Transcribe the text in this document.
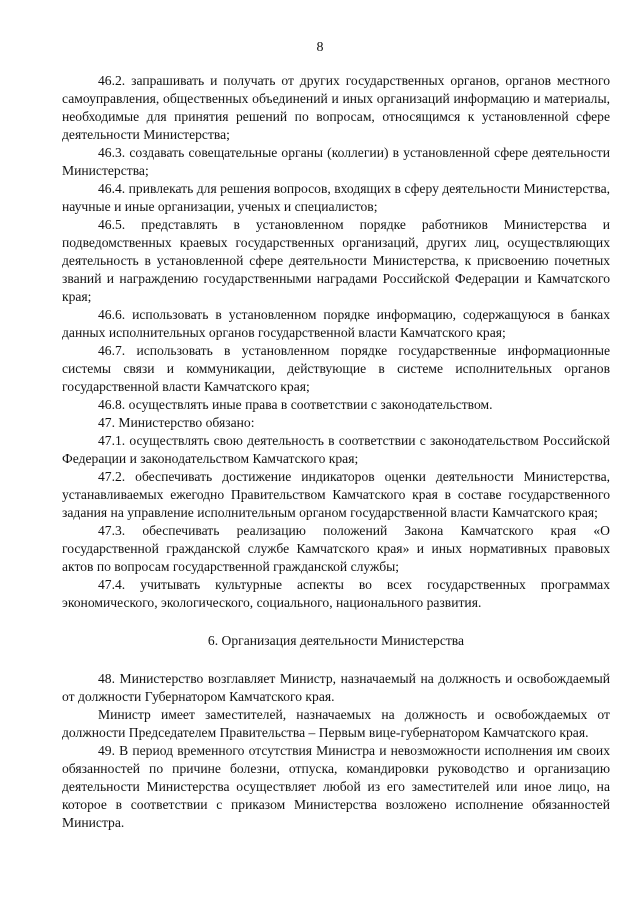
8

46.2. запрашивать и получать от других государственных органов, органов местного самоуправления, общественных объединений и иных организаций информацию и материалы, необходимые для принятия решений по вопросам, относящимся к установленной сфере деятельности Министерства;

46.3. создавать совещательные органы (коллегии) в установленной сфере деятельности Министерства;

46.4. привлекать для решения вопросов, входящих в сферу деятельности Министерства, научные и иные организации, ученых и специалистов;

46.5. представлять в установленном порядке работников Министерства и подведомственных краевых государственных организаций, других лиц, осуществляющих деятельность в установленной сфере деятельности Министерства, к присвоению почетных званий и награждению государственными наградами Российской Федерации и Камчатского края;

46.6. использовать в установленном порядке информацию, содержащуюся в банках данных исполнительных органов государственной власти Камчатского края;

46.7. использовать в установленном порядке государственные информационные системы связи и коммуникации, действующие в системе исполнительных органов государственной власти Камчатского края;

46.8. осуществлять иные права в соответствии с законодательством.

47. Министерство обязано:

47.1. осуществлять свою деятельность в соответствии с законодательством Российской Федерации и законодательством Камчатского края;

47.2. обеспечивать достижение индикаторов оценки деятельности Министерства, устанавливаемых ежегодно Правительством Камчатского края в составе государственного задания на управление исполнительным органом государственной власти Камчатского края;

47.3. обеспечивать реализацию положений Закона Камчатского края «О государственной гражданской службе Камчатского края» и иных нормативных правовых актов по вопросам государственной гражданской службы;

47.4. учитывать культурные аспекты во всех государственных программах экономического, экологического, социального, национального развития.

6. Организация деятельности Министерства

48. Министерство возглавляет Министр, назначаемый на должность и освобождаемый от должности Губернатором Камчатского края.

Министр имеет заместителей, назначаемых на должность и освобождаемых от должности Председателем Правительства – Первым вице-губернатором Камчатского края.

49. В период временного отсутствия Министра и невозможности исполнения им своих обязанностей по причине болезни, отпуска, командировки руководство и организацию деятельности Министерства осуществляет любой из его заместителей или иное лицо, на которое в соответствии с приказом Министерства возложено исполнение обязанностей Министра.
